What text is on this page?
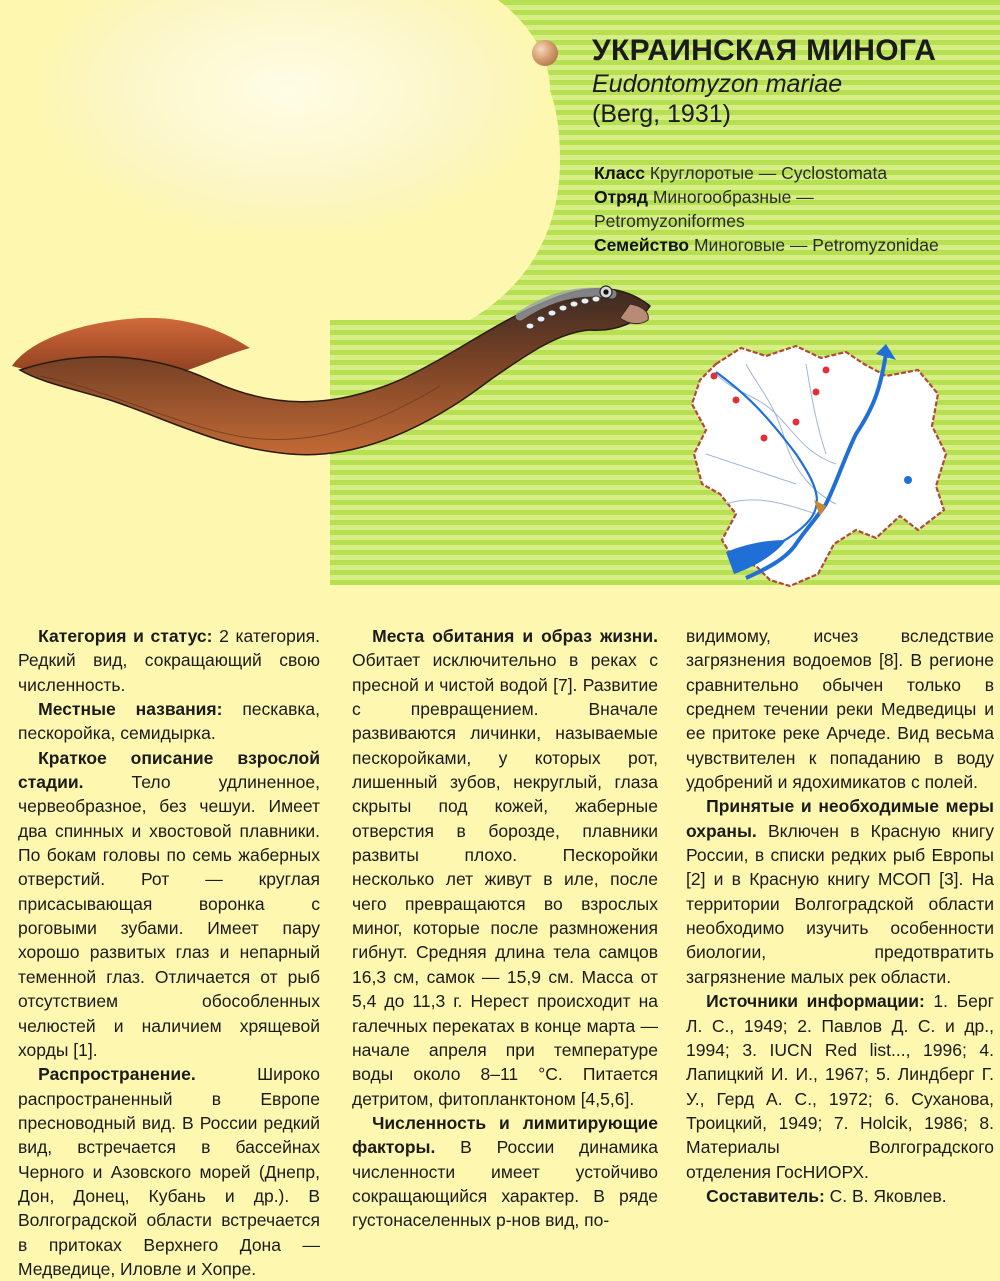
УКРАИНСКАЯ МИНОГА
Eudontomyzon mariae
(Berg, 1931)
Класс Круглоротые — Cyclostomata
Отряд Миногообразные —
Petromyzoniformes
Семейство Миноговые — Petromyzonidae

Категория и статус: 2 категория. Редкий вид, сокращающий свою численность.

Местные названия: пескавка, пескоройка, семидырка.

Краткое описание взрослой стадии. Тело удлиненное, червеобразное, без чешуи. Имеет два спинных и хвостовой плавники. По бокам головы по семь жаберных отверстий. Рот — круглая присасывающая воронка с роговыми зубами. Имеет пару хорошо развитых глаз и непарный теменной глаз. Отличается от рыб отсутствием обособленных челюстей и наличием хрящевой хорды [1].

Распространение. Широко распространенный в Европе пресноводный вид. В России редкий вид, встречается в бассейнах Черного и Азовского морей (Днепр, Дон, Донец, Кубань и др.). В Волгоградской области встречается в притоках Верхнего Дона — Медведице, Иловле и Хопре.

Места обитания и образ жизни. Обитает исключительно в реках с пресной и чистой водой [7]. Развитие с превращением. Вначале развиваются личинки, называемые пескоройками, у которых рот, лишенный зубов, некруглый, глаза скрыты под кожей, жаберные отверстия в борозде, плавники развиты плохо. Пескоройки несколько лет живут в иле, после чего превращаются во взрослых миног, которые после размножения гибнут. Средняя длина тела самцов 16,3 см, самок — 15,9 см. Масса от 5,4 до 11,3 г. Нерест происходит на галечных перекатах в конце марта — начале апреля при температуре воды около 8–11 °С. Питается детритом, фитопланктоном [4,5,6].

Численность и лимитирующие факторы. В России динамика численности имеет устойчиво сокращающийся характер. В ряде густонаселенных р-нов вид, по-

видимому, исчез вследствие загрязнения водоемов [8]. В регионе сравнительно обычен только в среднем течении реки Медведицы и ее притоке реке Арчеде. Вид весьма чувствителен к попаданию в воду удобрений и ядохимикатов с полей.

Принятые и необходимые меры охраны. Включен в Красную книгу России, в списки редких рыб Европы [2] и в Красную книгу МСОП [3]. На территории Волгоградской области необходимо изучить особенности биологии, предотвратить загрязнение малых рек области.

Источники информации: 1. Берг Л. С., 1949; 2. Павлов Д. С. и др., 1994; 3. IUCN Red list..., 1996; 4. Лапицкий И. И., 1967; 5. Линдберг Г. У., Герд А. С., 1972; 6. Суханова, Троицкий, 1949; 7. Holcik, 1986; 8. Материалы Волгоградского отделения ГосНИОРХ.

Составитель: С. В. Яковлев.
